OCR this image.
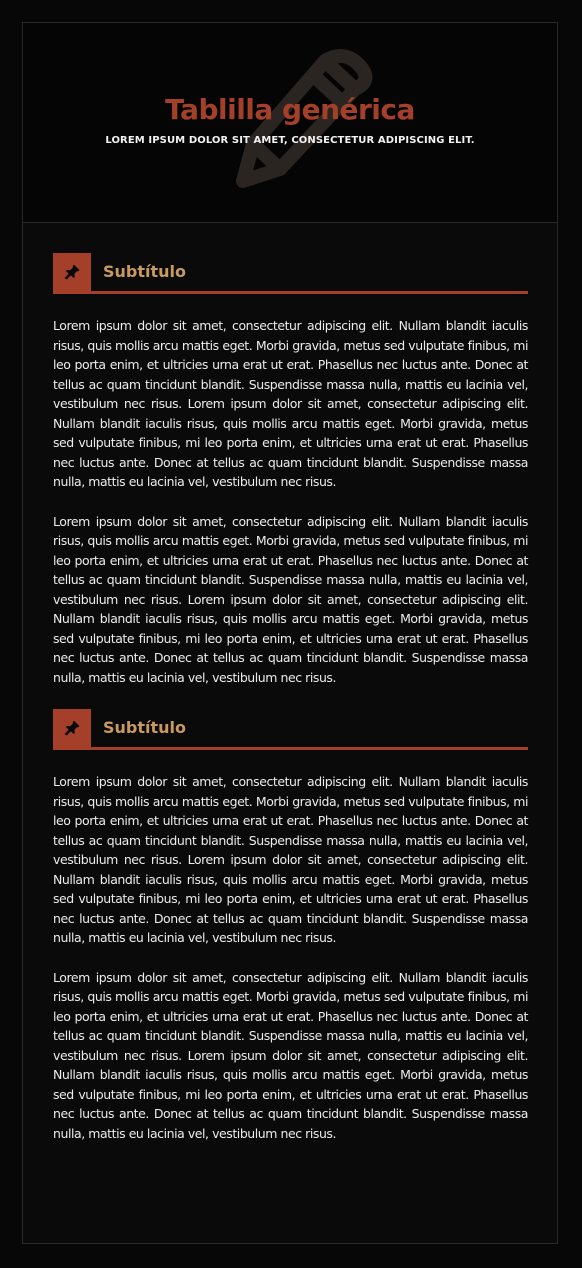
Tablilla genérica

LOREM IPSUM DOLOR SIT AMET, CONSECTETUR ADIPISCING ELIT.

Subtítulo

Lorem ipsum dolor sit amet, consectetur adipiscing elit. Nullam blandit iaculis risus, quis mollis arcu mattis eget. Morbi gravida, metus sed vulputate finibus, mi leo porta enim, et ultricies urna erat ut erat. Phasellus nec luctus ante. Donec at tellus ac quam tincidunt blandit. Suspendisse massa nulla, mattis eu lacinia vel, vestibulum nec risus. Lorem ipsum dolor sit amet, consectetur adipiscing elit. Nullam blandit iaculis risus, quis mollis arcu mattis eget. Morbi gravida, metus sed vulputate finibus, mi leo porta enim, et ultricies urna erat ut erat. Phasellus nec luctus ante. Donec at tellus ac quam tincidunt blandit. Suspendisse massa nulla, mattis eu lacinia vel, vestibulum nec risus.

Lorem ipsum dolor sit amet, consectetur adipiscing elit. Nullam blandit iaculis risus, quis mollis arcu mattis eget. Morbi gravida, metus sed vulputate finibus, mi leo porta enim, et ultricies urna erat ut erat. Phasellus nec luctus ante. Donec at tellus ac quam tincidunt blandit. Suspendisse massa nulla, mattis eu lacinia vel, vestibulum nec risus. Lorem ipsum dolor sit amet, consectetur adipiscing elit. Nullam blandit iaculis risus, quis mollis arcu mattis eget. Morbi gravida, metus sed vulputate finibus, mi leo porta enim, et ultricies urna erat ut erat. Phasellus nec luctus ante. Donec at tellus ac quam tincidunt blandit. Suspendisse massa nulla, mattis eu lacinia vel, vestibulum nec risus.

Subtítulo

Lorem ipsum dolor sit amet, consectetur adipiscing elit. Nullam blandit iaculis risus, quis mollis arcu mattis eget. Morbi gravida, metus sed vulputate finibus, mi leo porta enim, et ultricies urna erat ut erat. Phasellus nec luctus ante. Donec at tellus ac quam tincidunt blandit. Suspendisse massa nulla, mattis eu lacinia vel, vestibulum nec risus. Lorem ipsum dolor sit amet, consectetur adipiscing elit. Nullam blandit iaculis risus, quis mollis arcu mattis eget. Morbi gravida, metus sed vulputate finibus, mi leo porta enim, et ultricies urna erat ut erat. Phasellus nec luctus ante. Donec at tellus ac quam tincidunt blandit. Suspendisse massa nulla, mattis eu lacinia vel, vestibulum nec risus.

Lorem ipsum dolor sit amet, consectetur adipiscing elit. Nullam blandit iaculis risus, quis mollis arcu mattis eget. Morbi gravida, metus sed vulputate finibus, mi leo porta enim, et ultricies urna erat ut erat. Phasellus nec luctus ante. Donec at tellus ac quam tincidunt blandit. Suspendisse massa nulla, mattis eu lacinia vel, vestibulum nec risus. Lorem ipsum dolor sit amet, consectetur adipiscing elit. Nullam blandit iaculis risus, quis mollis arcu mattis eget. Morbi gravida, metus sed vulputate finibus, mi leo porta enim, et ultricies urna erat ut erat. Phasellus nec luctus ante. Donec at tellus ac quam tincidunt blandit. Suspendisse massa nulla, mattis eu lacinia vel, vestibulum nec risus.
